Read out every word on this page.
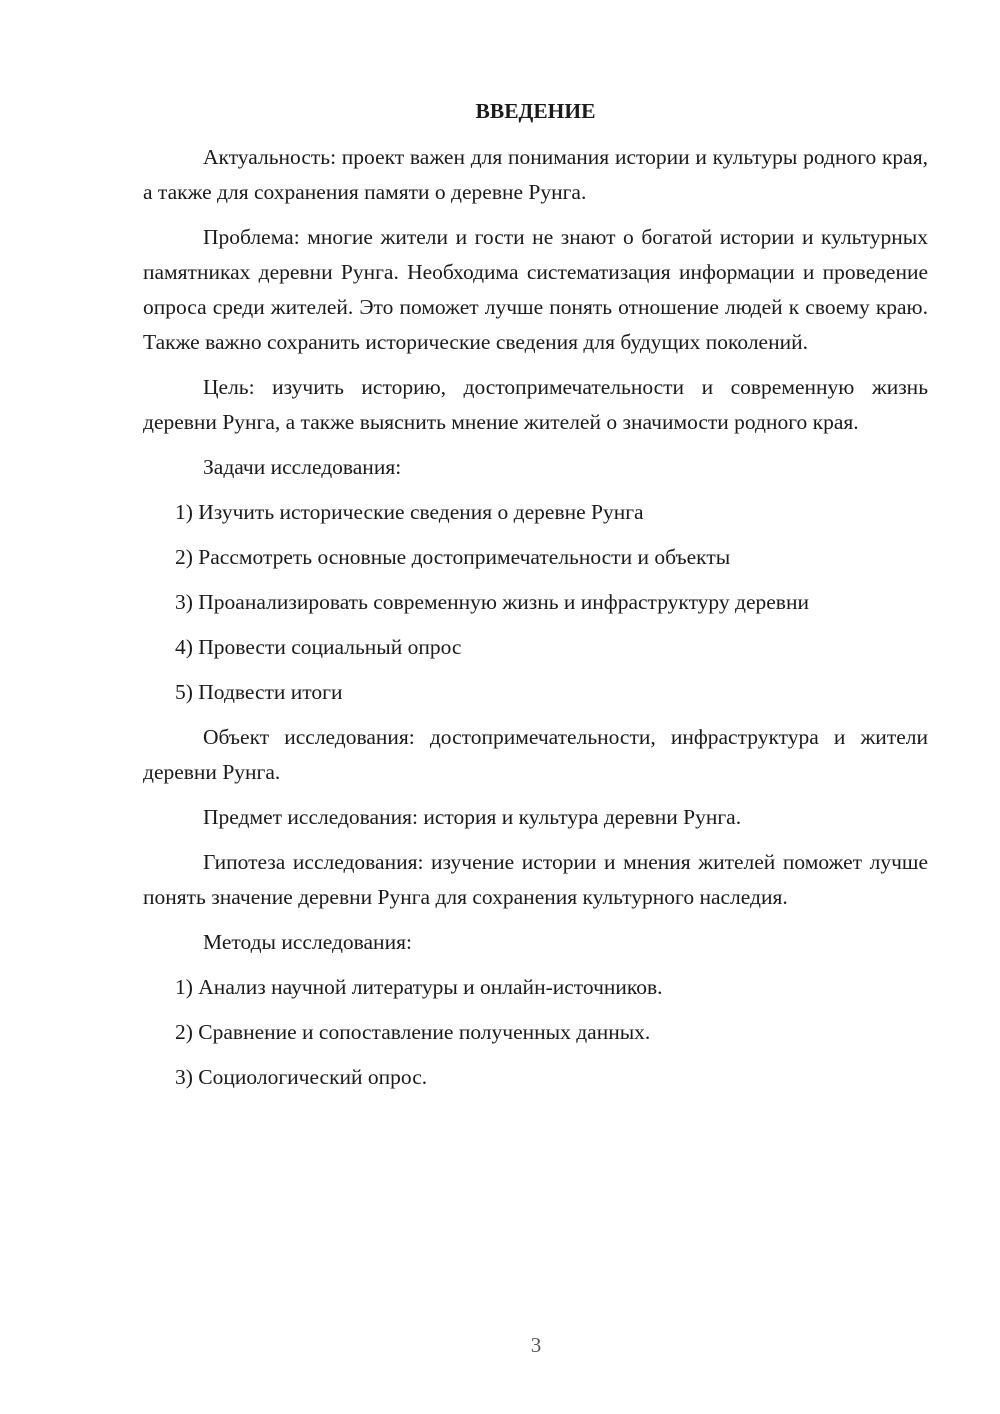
ВВЕДЕНИЕ

Актуальность: проект важен для понимания истории и культуры родного края, а также для сохранения памяти о деревне Рунга.

Проблема: многие жители и гости не знают о богатой истории и культурных памятниках деревни Рунга. Необходима систематизация информации и проведение опроса среди жителей. Это поможет лучше понять отношение людей к своему краю. Также важно сохранить исторические сведения для будущих поколений.

Цель: изучить историю, достопримечательности и современную жизнь деревни Рунга, а также выяснить мнение жителей о значимости родного края.

Задачи исследования:

1) Изучить исторические сведения о деревне Рунга
2) Рассмотреть основные достопримечательности и объекты
3) Проанализировать современную жизнь и инфраструктуру деревни
4) Провести социальный опрос
5) Подвести итоги

Объект исследования: достопримечательности, инфраструктура и жители деревни Рунга.

Предмет исследования: история и культура деревни Рунга.

Гипотеза исследования: изучение истории и мнения жителей поможет лучше понять значение деревни Рунга для сохранения культурного наследия.

Методы исследования:

1) Анализ научной литературы и онлайн-источников.
2) Сравнение и сопоставление полученных данных.
3) Социологический опрос.
3
